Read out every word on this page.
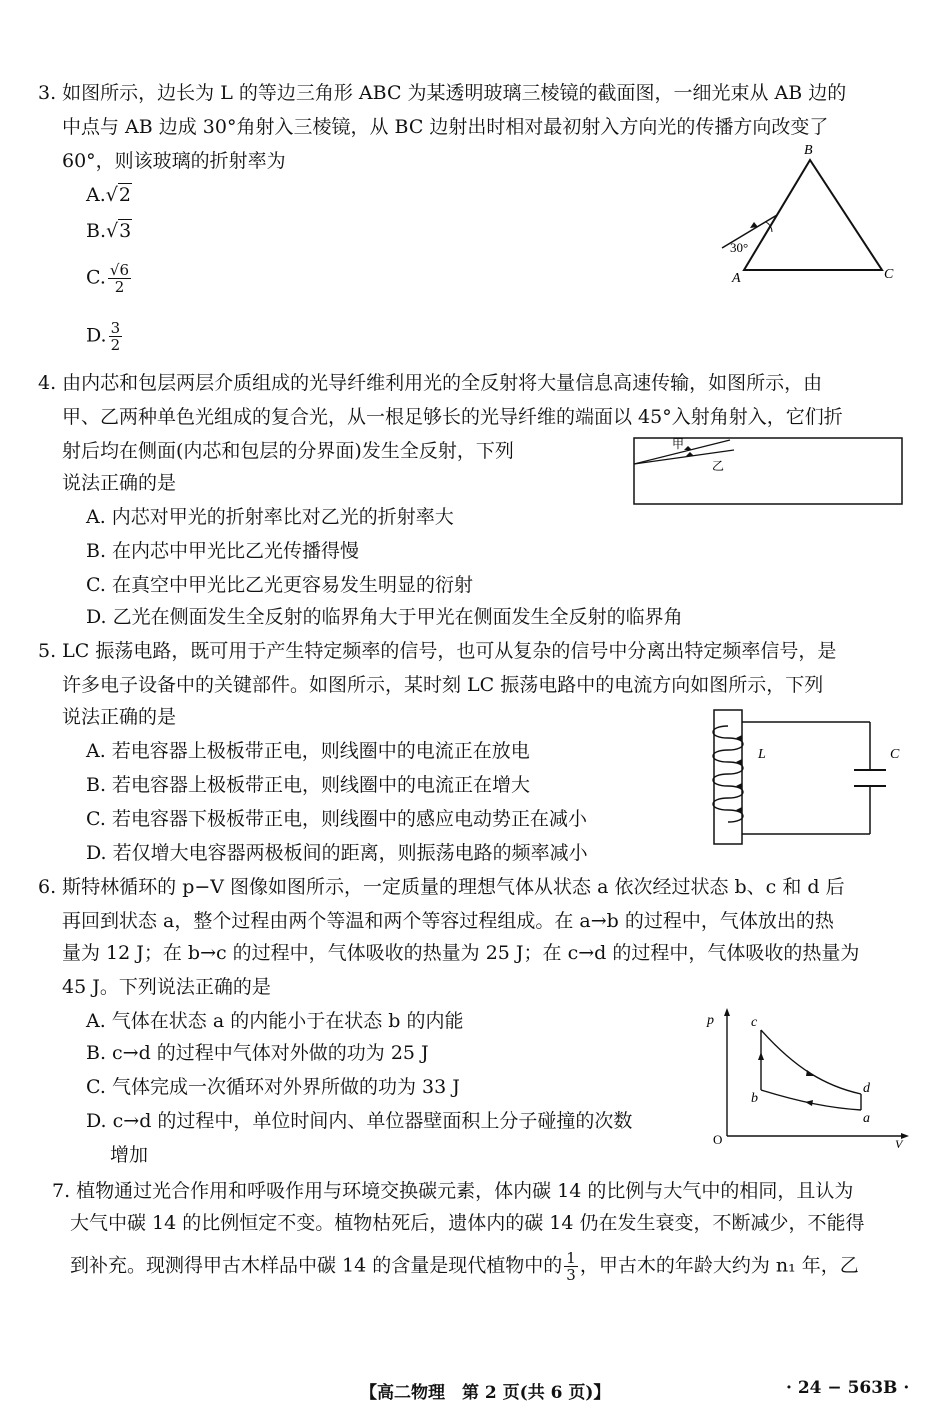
3. 如图所示，边长为 L 的等边三角形 ABC 为某透明玻璃三棱镜的截面图，一细光束从 AB 边的
中点与 AB 边成 30°角射入三棱镜，从 BC 边射出时相对最初射入方向光的传播方向改变了
60°，则该玻璃的折射率为
A.√2
B.√3
C. $\frac{√6}{2}$
D. $\frac{3}{2}$
30°
B
A	C
4. 由内芯和包层两层介质组成的光导纤维利用光的全反射将大量信息高速传输，如图所示，由
甲、乙两种单色光组成的复合光，从一根足够长的光导纤维的端面以 45°入射角射入，它们折
射后均在侧面(内芯和包层的分界面)发生全反射，下列
说法正确的是
A. 内芯对甲光的折射率比对乙光的折射率大
B. 在内芯中甲光比乙光传播得慢
C. 在真空中甲光比乙光更容易发生明显的衍射
D. 乙光在侧面发生全反射的临界角大于甲光在侧面发生全反射的临界角
甲
乙
5. LC 振荡电路，既可用于产生特定频率的信号，也可从复杂的信号中分离出特定频率信号，是
许多电子设备中的关键部件。如图所示，某时刻 LC 振荡电路中的电流方向如图所示，下列
说法正确的是
A. 若电容器上极板带正电，则线圈中的电流正在放电
B. 若电容器上极板带正电，则线圈中的电流正在增大
C. 若电容器下极板带正电，则线圈中的感应电动势正在减小
D. 若仅增大电容器两极板间的距离，则振荡电路的频率减小
L	C
6. 斯特林循环的 p−V 图像如图所示，一定质量的理想气体从状态 a 依次经过状态 b、c 和 d 后
再回到状态 a，整个过程由两个等温和两个等容过程组成。在 a→b 的过程中，气体放出的热
量为 12 J；在 b→c 的过程中，气体吸收的热量为 25 J；在 c→d 的过程中，气体吸收的热量为
45 J。下列说法正确的是
A. 气体在状态 a 的内能小于在状态 b 的内能
B. c→d 的过程中气体对外做的功为 25 J
C. 气体完成一次循环对外界所做的功为 33 J
D. c→d 的过程中，单位时间内、单位器壁面积上分子碰撞的次数
增加
p
V
O
a
b
c
d
7. 植物通过光合作用和呼吸作用与环境交换碳元素，体内碳 14 的比例与大气中的相同，且认为
大气中碳 14 的比例恒定不变。植物枯死后，遗体内的碳 14 仍在发生衰变，不断减少，不能得
到补充。现测得甲古木样品中碳 14 的含量是现代植物中的 $\frac{1}{3}$ ，甲古木的年龄大约为 n₁ 年，乙
【高二物理　第 2 页(共 6 页)】	· 24 − 563B ·
